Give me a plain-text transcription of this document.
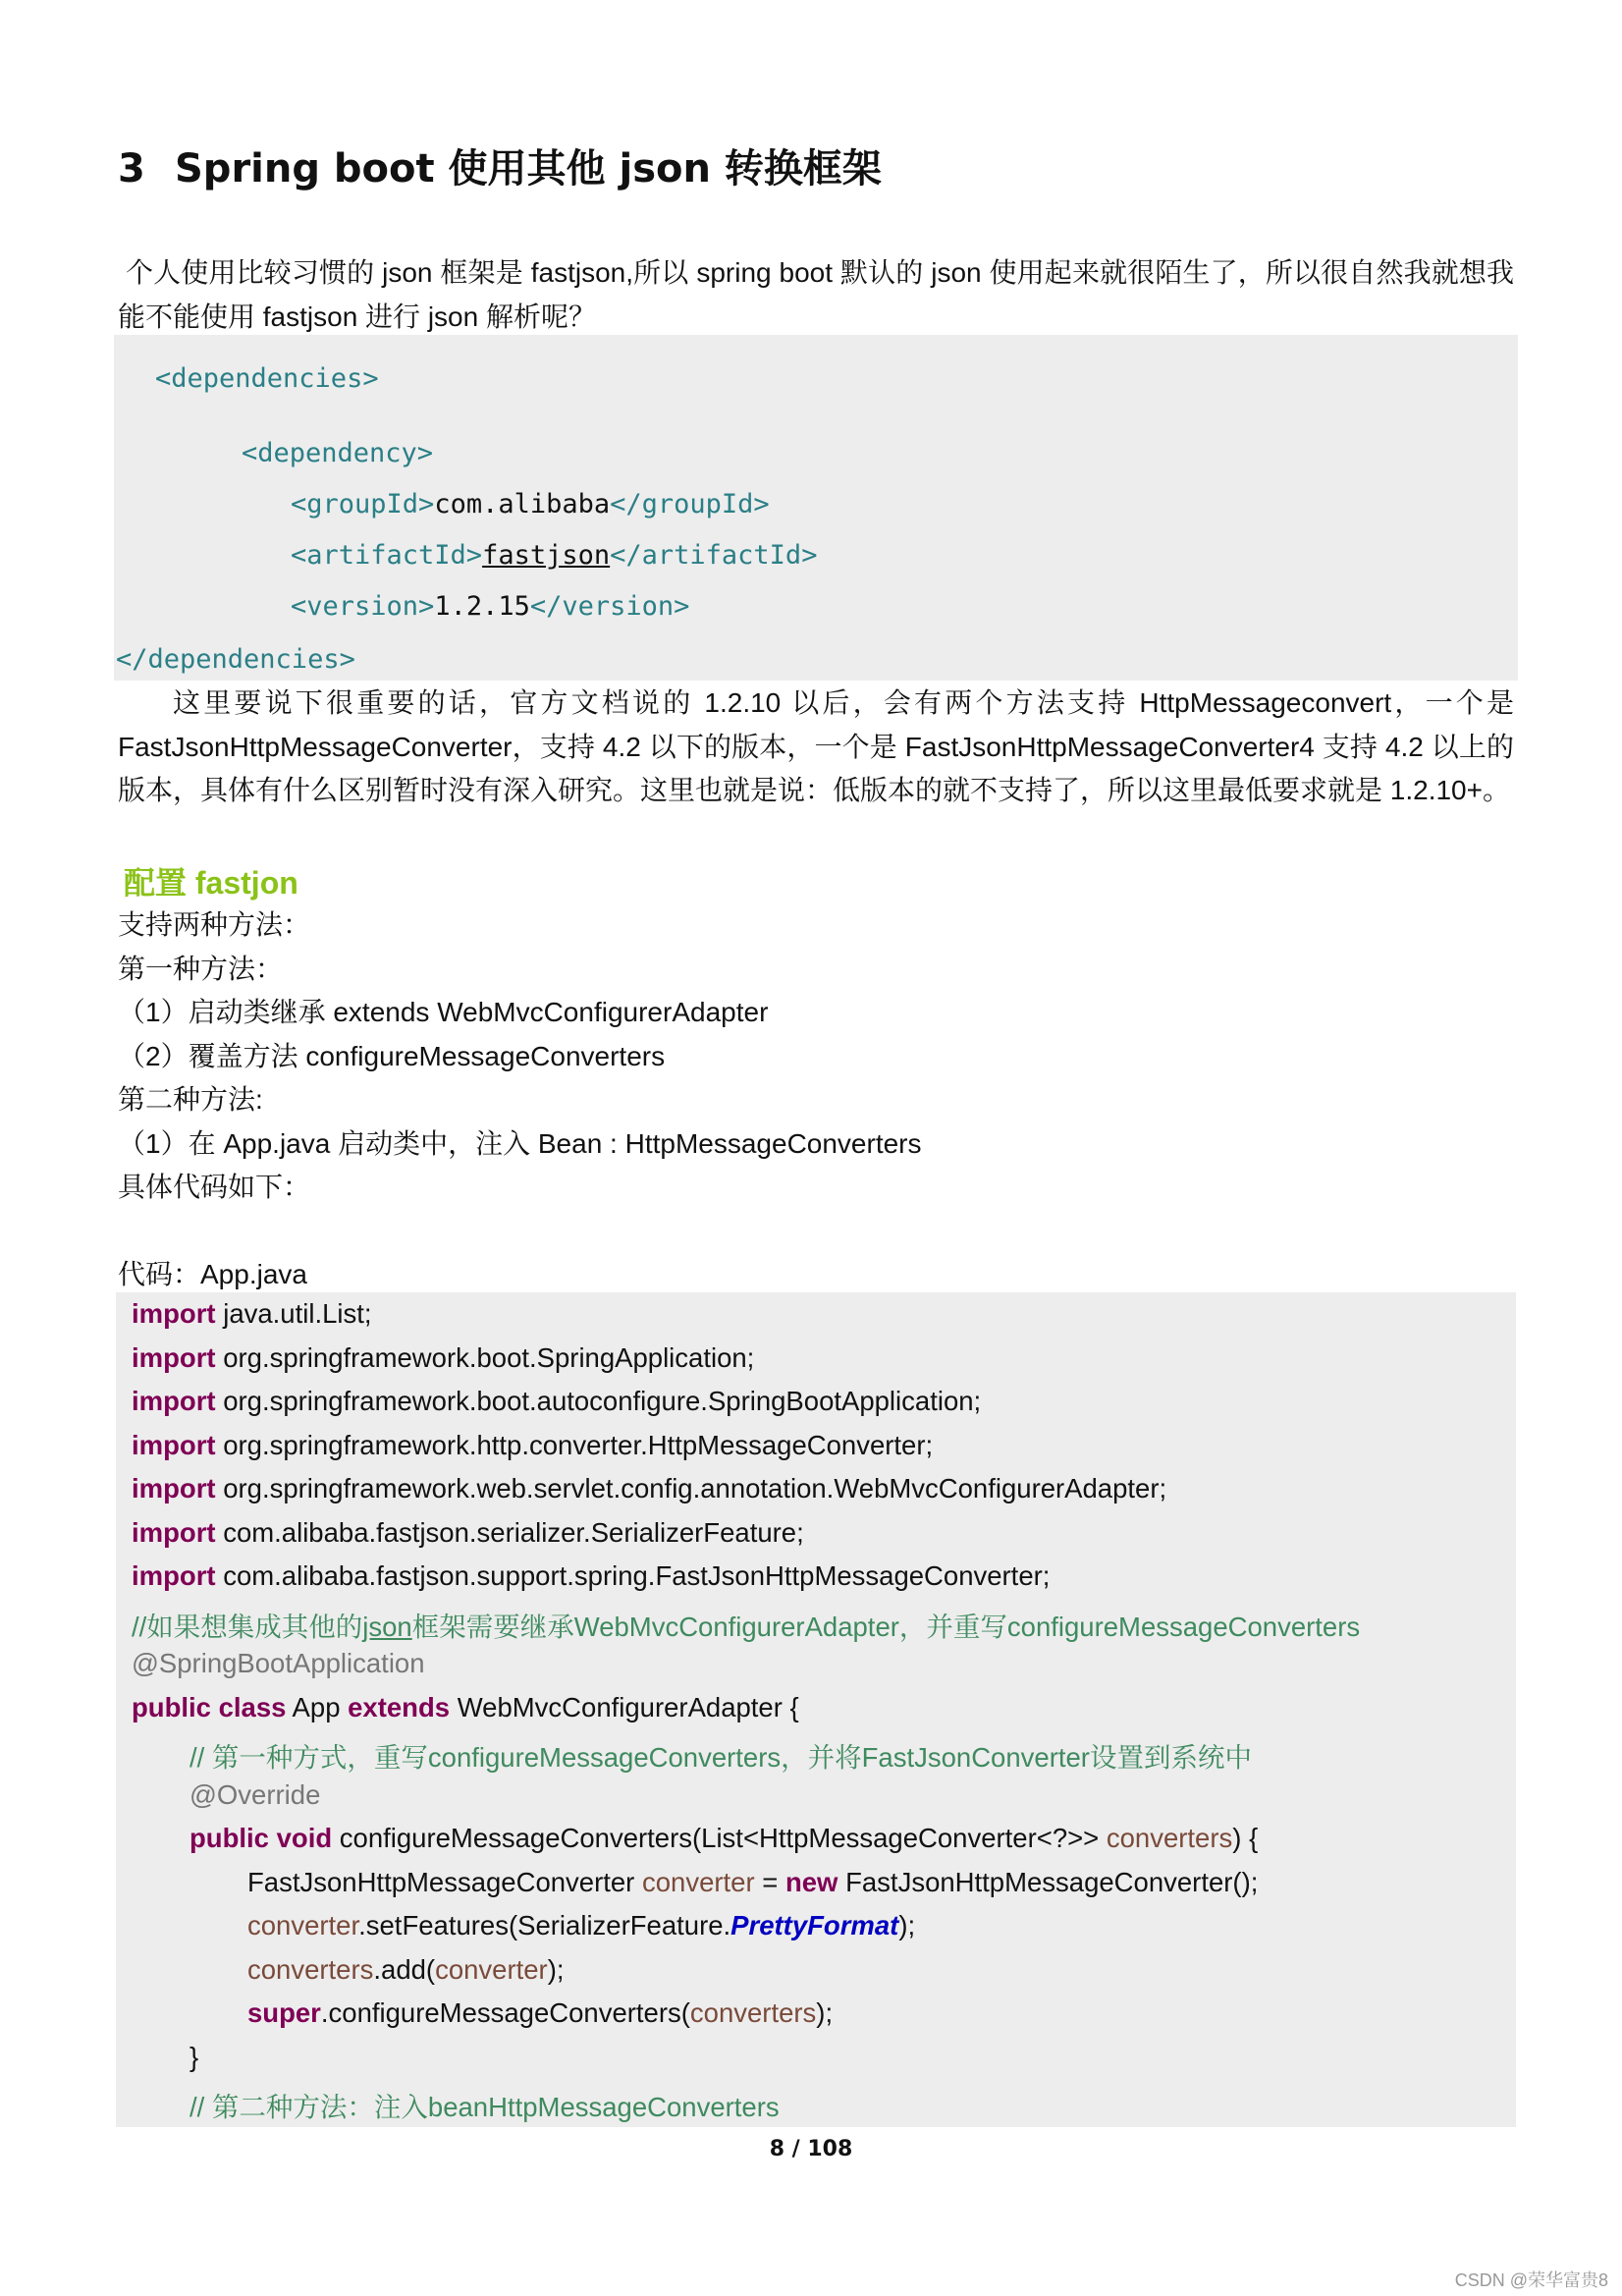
3 Spring boot 使用其他 json 转换框架
个人使用比较习惯的 json 框架是 fastjson,所以 spring boot 默认的 json 使用起来就很陌生了，所以很自然我就想我能不能使用 fastjson 进行 json 解析呢？
<dependencies>
<dependency>
<groupId>com.alibaba</groupId>
<artifactId>fastjson</artifactId>
<version>1.2.15</version>
</dependencies>
这里要说下很重要的话，官方文档说的 1.2.10 以后，会有两个方法支持 HttpMessageconvert，一个是 FastJsonHttpMessageConverter，支持 4.2 以下的版本，一个是 FastJsonHttpMessageConverter4 支持 4.2 以上的版本，具体有什么区别暂时没有深入研究。这里也就是说：低版本的就不支持了，所以这里最低要求就是 1.2.10+。
配置 fastjon
支持两种方法：
第一种方法：
（1）启动类继承 extends WebMvcConfigurerAdapter
（2）覆盖方法 configureMessageConverters
第二种方法:
（1）在 App.java 启动类中，注入 Bean : HttpMessageConverters
具体代码如下：
代码：App.java
import java.util.List;
import org.springframework.boot.SpringApplication;
import org.springframework.boot.autoconfigure.SpringBootApplication;
import org.springframework.http.converter.HttpMessageConverter;
import org.springframework.web.servlet.config.annotation.WebMvcConfigurerAdapter;
import com.alibaba.fastjson.serializer.SerializerFeature;
import com.alibaba.fastjson.support.spring.FastJsonHttpMessageConverter;
//如果想集成其他的json框架需要继承WebMvcConfigurerAdapter，并重写configureMessageConverters
@SpringBootApplication
public class App extends WebMvcConfigurerAdapter {
// 第一种方式，重写configureMessageConverters，并将FastJsonConverter设置到系统中
@Override
public void configureMessageConverters(List<HttpMessageConverter<?>> converters) {
FastJsonHttpMessageConverter converter = new FastJsonHttpMessageConverter();
converter.setFeatures(SerializerFeature.PrettyFormat);
converters.add(converter);
super.configureMessageConverters(converters);
}
// 第二种方法：注入beanHttpMessageConverters
8 / 108
CSDN @荣华富贵8
